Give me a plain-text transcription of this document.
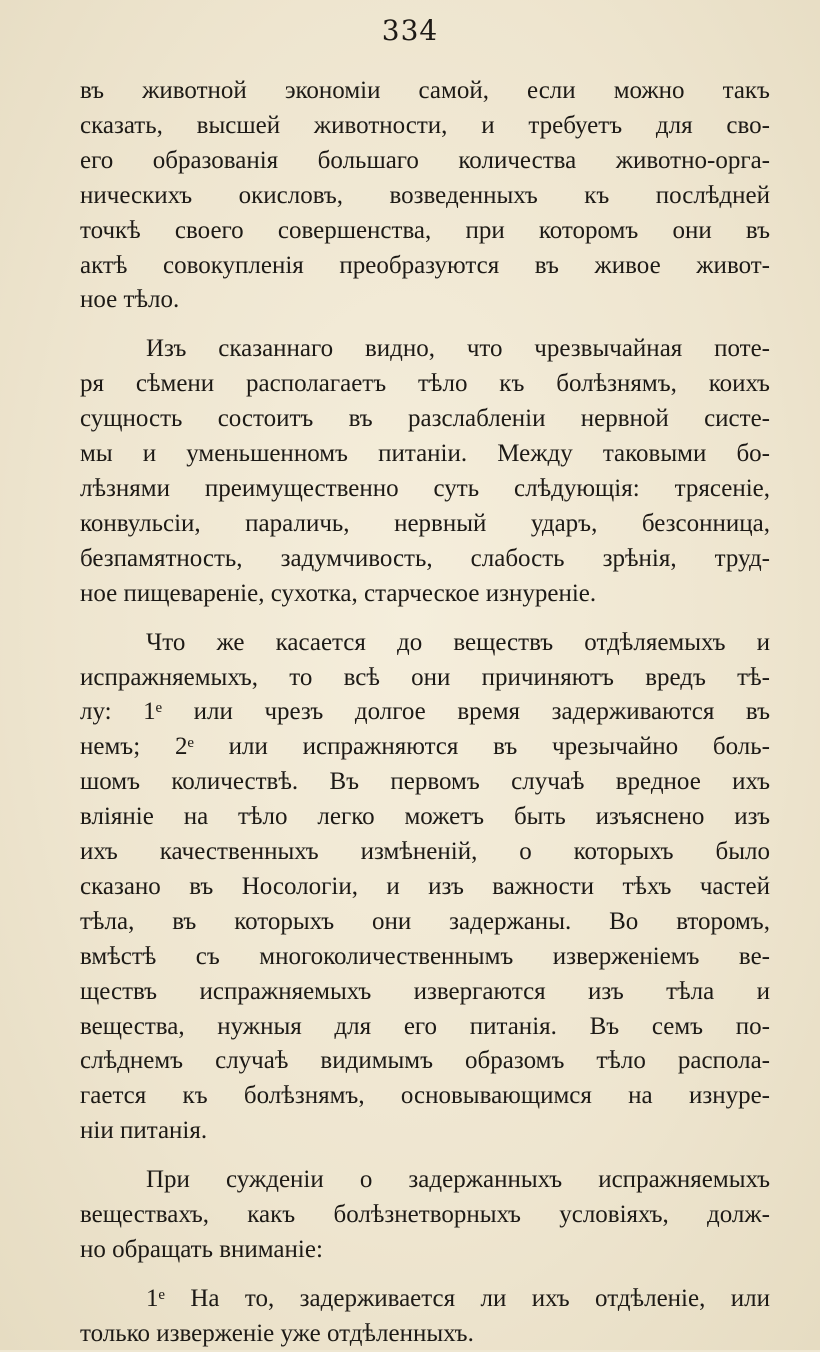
334
въ животной экономіи самой, если можно такъ
сказать, высшей животности, и требуетъ для сво-
его образованія большаго количества животно-орга-
ническихъ окисловъ, возведенныхъ къ послѣдней
точкѣ своего совершенства, при которомъ они въ
актѣ совокупленія преобразуются въ живое живот-
ное тѣло.
Изъ сказаннаго видно, что чрезвычайная поте-
ря сѣмени располагаетъ тѣло къ болѣзнямъ, коихъ
сущность состоитъ въ разслабленіи нервной систе-
мы и уменьшенномъ питаніи. Между таковыми бо-
лѣзнями преимущественно суть слѣдующія: трясеніе,
конвульсіи, параличь, нервный ударъ, безсонница,
безпамятность, задумчивость, слабость зрѣнія, труд-
ное пищевареніе, сухотка, старческое изнуреніе.
Что же касается до веществъ отдѣляемыхъ и
испражняемыхъ, то всѣ они причиняютъ вредъ тѣ-
лу: 1ᵉ или чрезъ долгое время задерживаются въ
немъ; 2ᵉ или испражняются въ чрезычайно боль-
шомъ количествѣ. Въ первомъ случаѣ вредное ихъ
вліяніе на тѣло легко можетъ быть изъяснено изъ
ихъ качественныхъ измѣненій, о которыхъ было
сказано въ Носологіи, и изъ важности тѣхъ частей
тѣла, въ которыхъ они задержаны. Во второмъ,
вмѣстѣ съ многоколичественнымъ изверженіемъ ве-
ществъ испражняемыхъ извергаются изъ тѣла и
вещества, нужныя для его питанія. Въ семъ по-
слѣднемъ случаѣ видимымъ образомъ тѣло распола-
гается къ болѣзнямъ, основывающимся на изнуре-
ніи питанія.
При сужденіи о задержанныхъ испражняемыхъ
веществахъ, какъ болѣзнетворныхъ условіяхъ, долж-
но обращать вниманіе:
1ᵉ На то, задерживается ли ихъ отдѣленіе, или
только изверженіе уже отдѣленныхъ.
